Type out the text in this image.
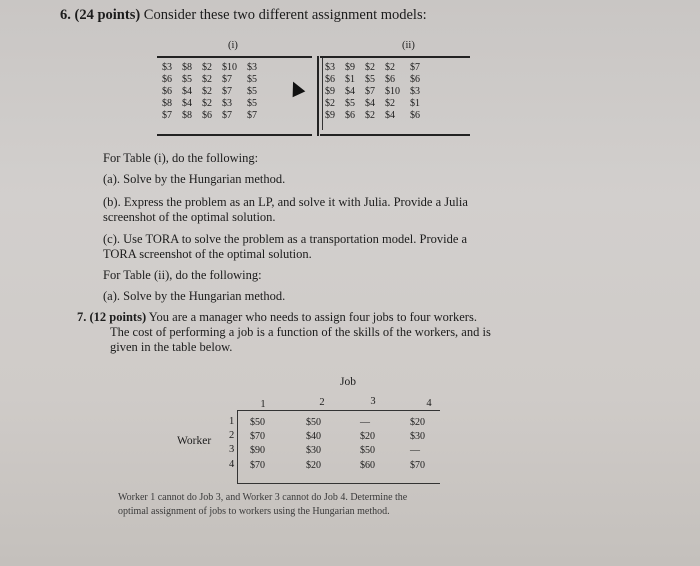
6. (24 points) Consider these two different assignment models:
(i)	(ii)
$3	$8	$2	$10	$3
$6	$5	$2	$7	$5
$6	$4	$2	$7	$5
$8	$4	$2	$3	$5
$7	$8	$6	$7	$7
$3	$9	$2	$2	$7
$6	$1	$5	$6	$6
$9	$4	$7	$10	$3
$2	$5	$4	$2	$1
$9	$6	$2	$4	$6
For Table (i), do the following:
(a). Solve by the Hungarian method.
(b). Express the problem as an LP, and solve it with Julia. Provide a Julia
screenshot of the optimal solution.
(c). Use TORA to solve the problem as a transportation model. Provide a
TORA screenshot of the optimal solution.
For Table (ii), do the following:
(a). Solve by the Hungarian method.
7. (12 points) You are a manager who needs to assign four jobs to four workers.
The cost of performing a job is a function of the skills of the workers, and is
given in the table below.
Job
1	2	3	4
Worker
1
2
3
4
$50	$50	—	$20
$70	$40	$20	$30
$90	$30	$50	—
$70	$20	$60	$70
Worker 1 cannot do Job 3, and Worker 3 cannot do Job 4. Determine the
optimal assignment of jobs to workers using the Hungarian method.
